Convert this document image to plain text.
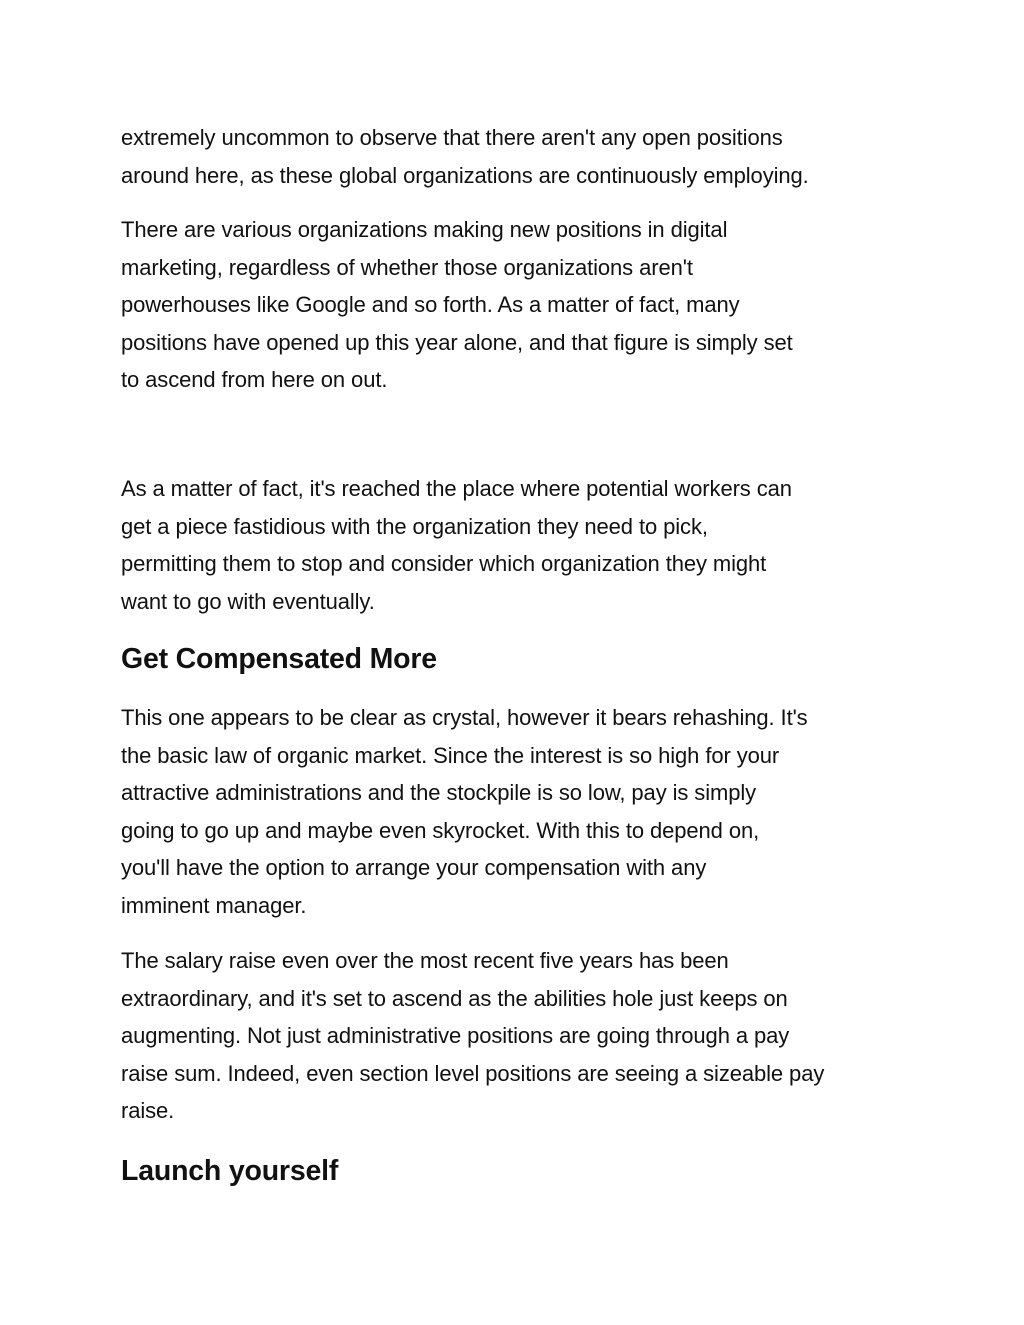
extremely uncommon to observe that there aren't any open positions
around here, as these global organizations are continuously employing.

There are various organizations making new positions in digital
marketing, regardless of whether those organizations aren't
powerhouses like Google and so forth. As a matter of fact, many
positions have opened up this year alone, and that figure is simply set
to ascend from here on out.

As a matter of fact, it's reached the place where potential workers can
get a piece fastidious with the organization they need to pick,
permitting them to stop and consider which organization they might
want to go with eventually.

Get Compensated More

This one appears to be clear as crystal, however it bears rehashing. It's
the basic law of organic market. Since the interest is so high for your
attractive administrations and the stockpile is so low, pay is simply
going to go up and maybe even skyrocket. With this to depend on,
you'll have the option to arrange your compensation with any
imminent manager.

The salary raise even over the most recent five years has been
extraordinary, and it's set to ascend as the abilities hole just keeps on
augmenting. Not just administrative positions are going through a pay
raise sum. Indeed, even section level positions are seeing a sizeable pay
raise.

Launch yourself
